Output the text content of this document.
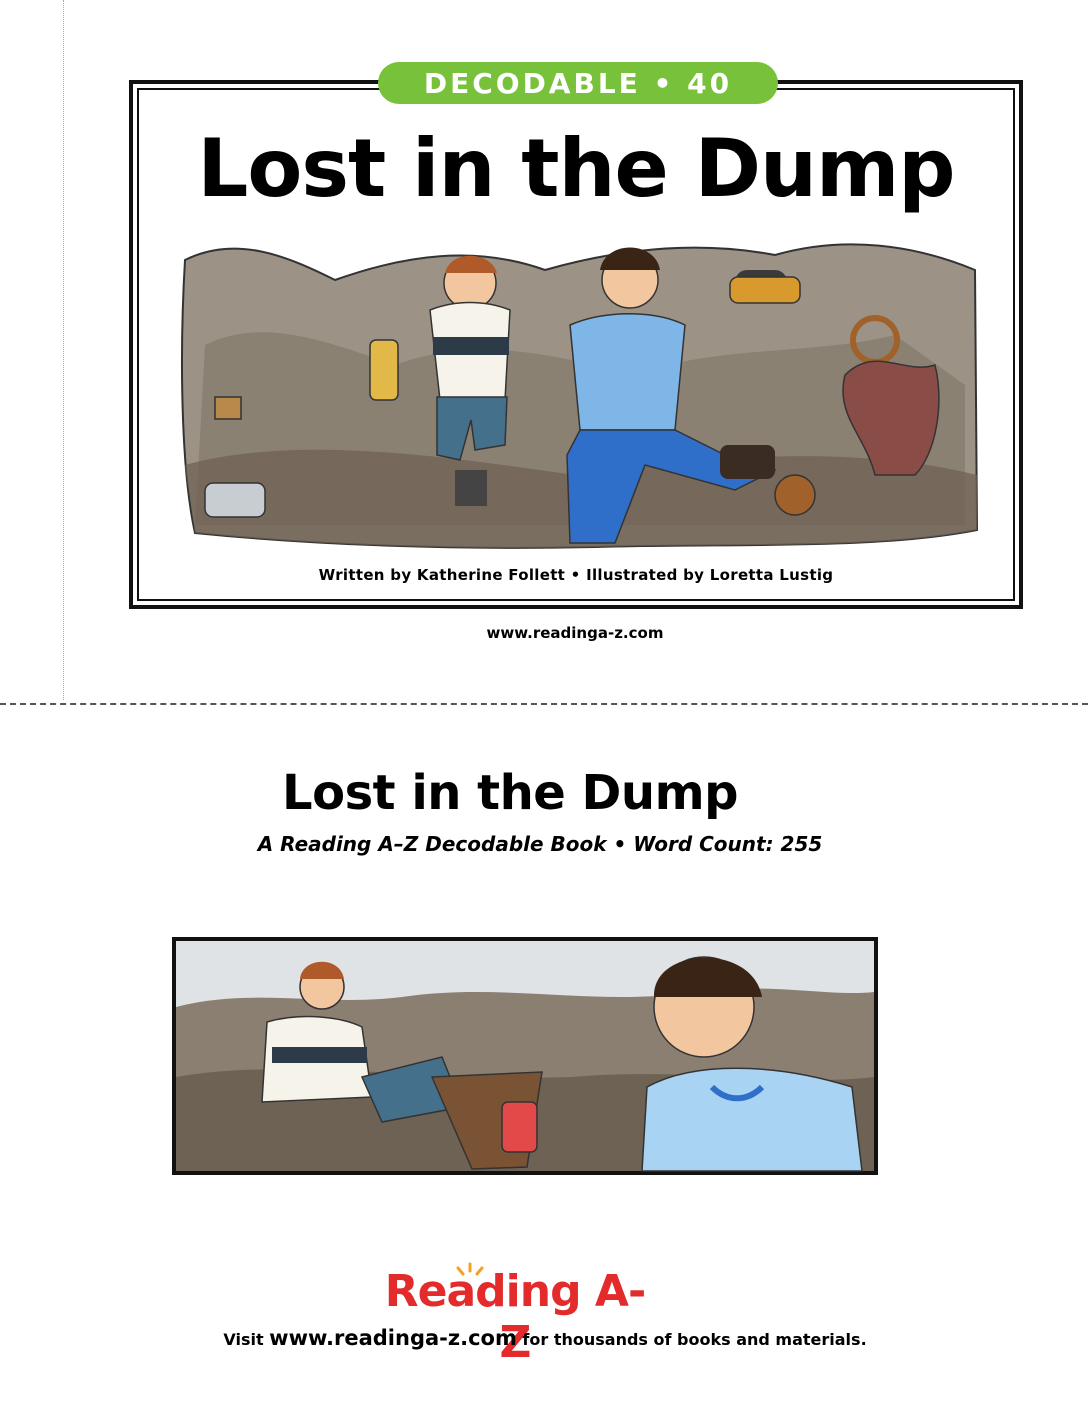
DECODABLE • 40
Lost in the Dump
Written by Katherine Follett • Illustrated by Loretta Lustig
www.readinga-z.com
Lost in the Dump
A Reading A–Z Decodable Book • Word Count: 255
Reading A-Z
Visit www.readinga-z.com for thousands of books and materials.
